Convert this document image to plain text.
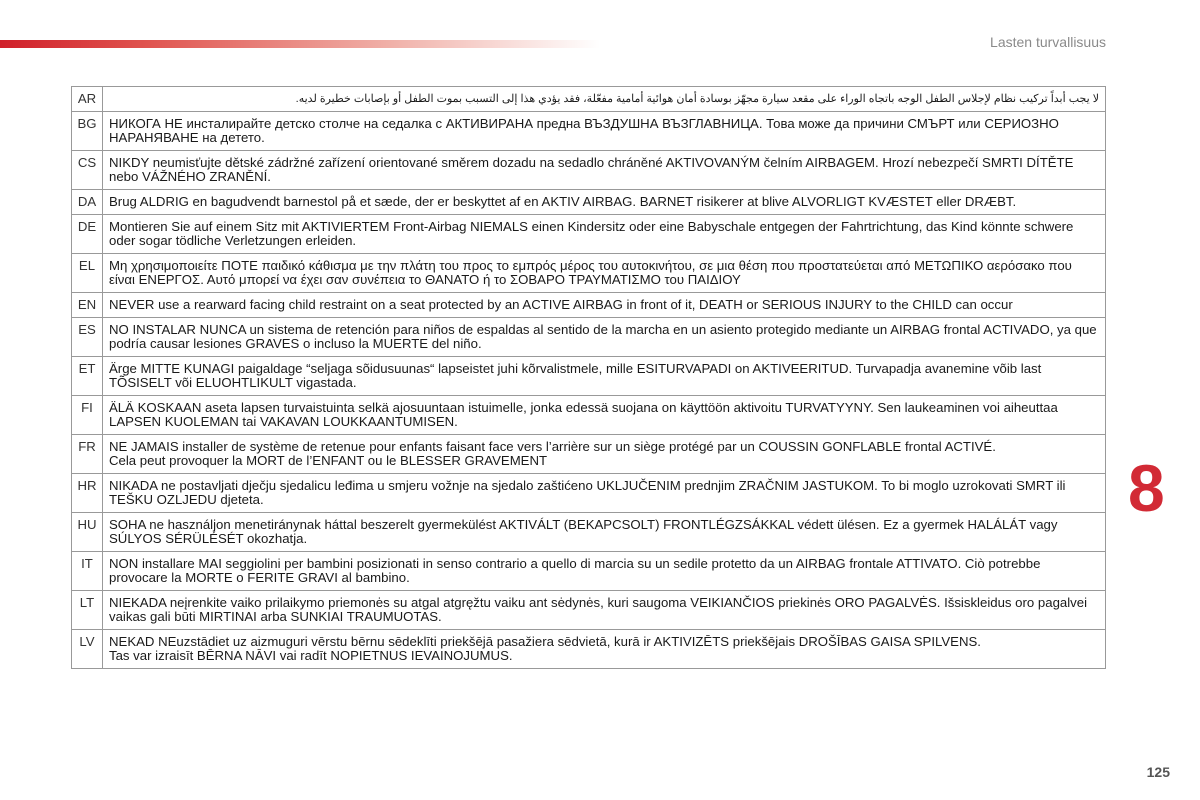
Lasten turvallisuus
AR	لا يجب أبداً تركيب نظام لإجلاس الطفل الوجه باتجاه الوراء على مقعد سيارة مجهّز بوسادة أمان هوائية أمامية مفعّلة، فقد يؤدي هذا إلى التسبب بموت الطفل أو بإصابات خطيرة لديه.
BG	НИКОГА НЕ инсталирайте детско столче на седалка с АКТИВИРАНА предна ВЪЗДУШНА ВЪЗГЛАВНИЦА. Това може да причини СМЪРТ или СЕРИОЗНО НАРАНЯВАНЕ на детето.
CS	NIKDY neumisťujte dětské zádržné zařízení orientované směrem dozadu na sedadlo chráněné AKTIVOVANÝM čelním AIRBAGEM. Hrozí nebezpečí SMRTI DÍTĚTE nebo VÁŽNÉHO ZRANĚNÍ.
DA	Brug ALDRIG en bagudvendt barnestol på et sæde, der er beskyttet af en AKTIV AIRBAG. BARNET risikerer at blive ALVORLIGT KVÆSTET eller DRÆBT.
DE	Montieren Sie auf einem Sitz mit AKTIVIERTEM Front-Airbag NIEMALS einen Kindersitz oder eine Babyschale entgegen der Fahrtrichtung, das Kind könnte schwere oder sogar tödliche Verletzungen erleiden.
EL	Μη χρησιμοποιείτε ΠΟΤΕ παιδικό κάθισμα με την πλάτη του προς το εμπρός μέρος του αυτοκινήτου, σε μια θέση που προστατεύεται από ΜΕΤΩΠΙΚΟ αερόσακο που είναι ΕΝΕΡΓΟΣ. Αυτό μπορεί να έχει σαν συνέπεια το ΘΑΝΑΤΟ ή το ΣΟΒΑΡΟ ΤΡΑΥΜΑΤΙΣΜΟ του ΠΑΙΔΙΟΥ
EN	NEVER use a rearward facing child restraint on a seat protected by an ACTIVE AIRBAG in front of it, DEATH or SERIOUS INJURY to the CHILD can occur
ES	NO INSTALAR NUNCA un sistema de retención para niños de espaldas al sentido de la marcha en un asiento protegido mediante un AIRBAG frontal ACTIVADO, ya que podría causar lesiones GRAVES o incluso la MUERTE del niño.
ET	Ärge MITTE KUNAGI paigaldage “seljaga sõidusuunas“ lapseistet juhi kõrvalistmele, mille ESITURVAPADI on AKTIVEERITUD. Turvapadja avanemine võib last TÕSISELT või ELUOHTLIKULT vigastada.
FI	ÄLÄ KOSKAAN aseta lapsen turvaistuinta selkä ajosuuntaan istuimelle, jonka edessä suojana on käyttöön aktivoitu TURVATYYNY. Sen laukeaminen voi aiheuttaa LAPSEN KUOLEMAN tai VAKAVAN LOUKKAANTUMISEN.
FR	NE JAMAIS installer de système de retenue pour enfants faisant face vers l’arrière sur un siège protégé par un COUSSIN GONFLABLE frontal ACTIVÉ.
Cela peut provoquer la MORT de l’ENFANT ou le BLESSER GRAVEMENT
HR	NIKADA ne postavljati dječju sjedalicu leđima u smjeru vožnje na sjedalo zaštićeno UKLJUČENIM prednjim ZRAČNIM JASTUKOM. To bi moglo uzrokovati SMRT ili TEŠKU OZLJEDU djeteta.
HU	SOHA ne használjon menetiránynak háttal beszerelt gyermekülést AKTIVÁLT (BEKAPCSOLT) FRONTLÉGZSÁKKAL védett ülésen. Ez a gyermek HALÁLÁT vagy SÚLYOS SÉRÜLÉSÉT okozhatja.
IT	NON installare MAI seggiolini per bambini posizionati in senso contrario a quello di marcia su un sedile protetto da un AIRBAG frontale ATTIVATO. Ciò potrebbe provocare la MORTE o FERITE GRAVI al bambino.
LT	NIEKADA neįrenkite vaiko prilaikymo priemonės su atgal atgręžtu vaiku ant sėdynės, kuri saugoma VEIKIANČIOS priekinės ORO PAGALVĖS. Išsiskleidus oro pagalvei vaikas gali būti MIRTINAI arba SUNKIAI TRAUMUOTAS.
LV	NEKAD NEuzstādiet uz aizmuguri vērstu bērnu sēdeklīti priekšējā pasažiera sēdvietā, kurā ir AKTIVIZĒTS priekšējais DROŠĪBAS GAISA SPILVENS.
Tas var izraisīt BĒRNA NĀVI vai radīt NOPIETNUS IEVAINOJUMUS.
8
125
